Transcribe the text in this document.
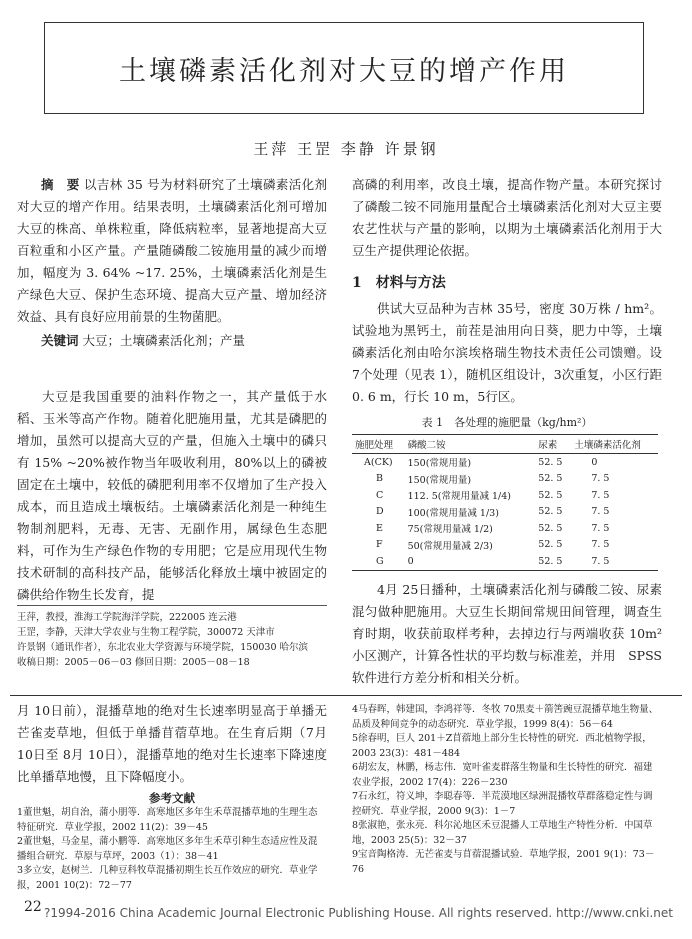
土壤磷素活化剂对大豆的增产作用
王萍 王罡 李静 许景钢

摘　要 以吉林 35 号为材料研究了土壤磷素活化剂对大豆的增产作用。结果表明，土壤磷素活化剂可增加大豆的株高、单株粒重，降低病粒率，显著地提高大豆百粒重和小区产量。产量随磷酸二铵施用量的减少而增加，幅度为 3. 64% ~17. 25%，土壤磷素活化剂是生产绿色大豆、保护生态环境、提高大豆产量、增加经济效益、具有良好应用前景的生物菌肥。

关键词 大豆；土壤磷素活化剂；产量

大豆是我国重要的油料作物之一，其产量低于水稻、玉米等高产作物。随着化肥施用量，尤其是磷肥的增加，虽然可以提高大豆的产量，但施入土壤中的磷只有 15% ~20%被作物当年吸收利用，80%以上的磷被固定在土壤中，较低的磷肥利用率不仅增加了生产投入成本，而且造成土壤板结。土壤磷素活化剂是一种纯生物制剂肥料，无毒、无害、无副作用，属绿色生态肥料，可作为生产绿色作物的专用肥；它是应用现代生物技术研制的高科技产品，能够活化释放土壤中被固定的磷供给作物生长发育，提

王萍，教授，淮海工学院海洋学院，222005 连云港
王罡，李静，天津大学农业与生物工程学院，300072 天津市
许景钢（通讯作者），东北农业大学资源与环境学院，150030 哈尔滨
收稿日期：2005－06－03 修回日期：2005－08－18

高磷的利用率，改良土壤，提高作物产量。本研究探讨了磷酸二铵不同施用量配合土壤磷素活化剂对大豆主要农艺性状与产量的影响，以期为土壤磷素活化剂用于大豆生产提供理论依据。

1　材料与方法

供试大豆品种为吉林 35号，密度 30万株 / hm²。试验地为黑钙土，前茬是油用向日葵，肥力中等，土壤磷素活化剂由哈尔滨埃格瑞生物技术责任公司馈赠。设 7个处理（见表 1），随机区组设计，3次重复，小区行距 0. 6 m，行长 10 m，5行区。

表 1　各处理的施肥量（kg/hm²）
施肥处理	磷酸二铵	尿素	土壤磷素活化剂
A(CK)	150(常规用量)	52. 5	0
B	150(常规用量)	52. 5	7. 5
C	112. 5(常规用量减 1/4)	52. 5	7. 5
D	100(常规用量减 1/3)	52. 5	7. 5
E	75(常规用量减 1/2)	52. 5	7. 5
F	50(常规用量减 2/3)	52. 5	7. 5
G	0	52. 5	7. 5

4月 25日播种，土壤磷素活化剂与磷酸二铵、尿素混匀做种肥施用。大豆生长期间常规田间管理，调查生育时期，收获前取样考种，去掉边行与两端收获 10m² 小区测产，计算各性状的平均数与标准差，并用　SPSS软件进行方差分析和相关分析。

月 10日前），混播草地的绝对生长速率明显高于单播无芒雀麦草地，但低于单播苜蓿草地。在生育后期（7月 10日至 8月 10日），混播草地的绝对生长速率下降速度比单播草地慢，且下降幅度小。

参考文献
1董世魁，胡自治，蒲小朋等．高寒地区多年生禾草混播草地的生理生态特征研究．草业学报，2002 11(2)：39－45
2董世魁，马金星，蒲小鹏等．高寒地区多年生禾草引种生态适应性及混播组合研究．草原与草坪，2003（1）：38－41
3多立安，赵树兰．几种豆科牧草混播初期生长互作效应的研究．草业学报，2001 10(2)：72－77
4马春晖，韩建国，李鸿祥等．冬牧 70黑麦＋箭筈豌豆混播草地生物量、品质及种间竞争的动态研究．草业学报，1999 8(4)：56－64
5徐春明，巨人 201＋Z苜蓿地上部分生长特性的研究．西北植物学报，2003 23(3)：481－484
6胡宏友，林鹏，杨志伟．宽叶雀麦群落生物量和生长特性的研究．福建农业学报，2002 17(4)：226－230
7石永红，符义坤，李聪春等．半荒漠地区绿洲混播牧草群落稳定性与调控研究．草业学报，2000 9(3)：1－7
8张淑艳，张永亮．科尔沁地区禾豆混播人工草地生产特性分析．中国草地，2003 25(5)：32－37
9宝音陶格涛．无芒雀麦与苜蓿混播试验．草地学报，2001 9(1)：73－76
22 ?1994-2016 China Academic Journal Electronic Publishing House. All rights reserved. http://www.cnki.net
